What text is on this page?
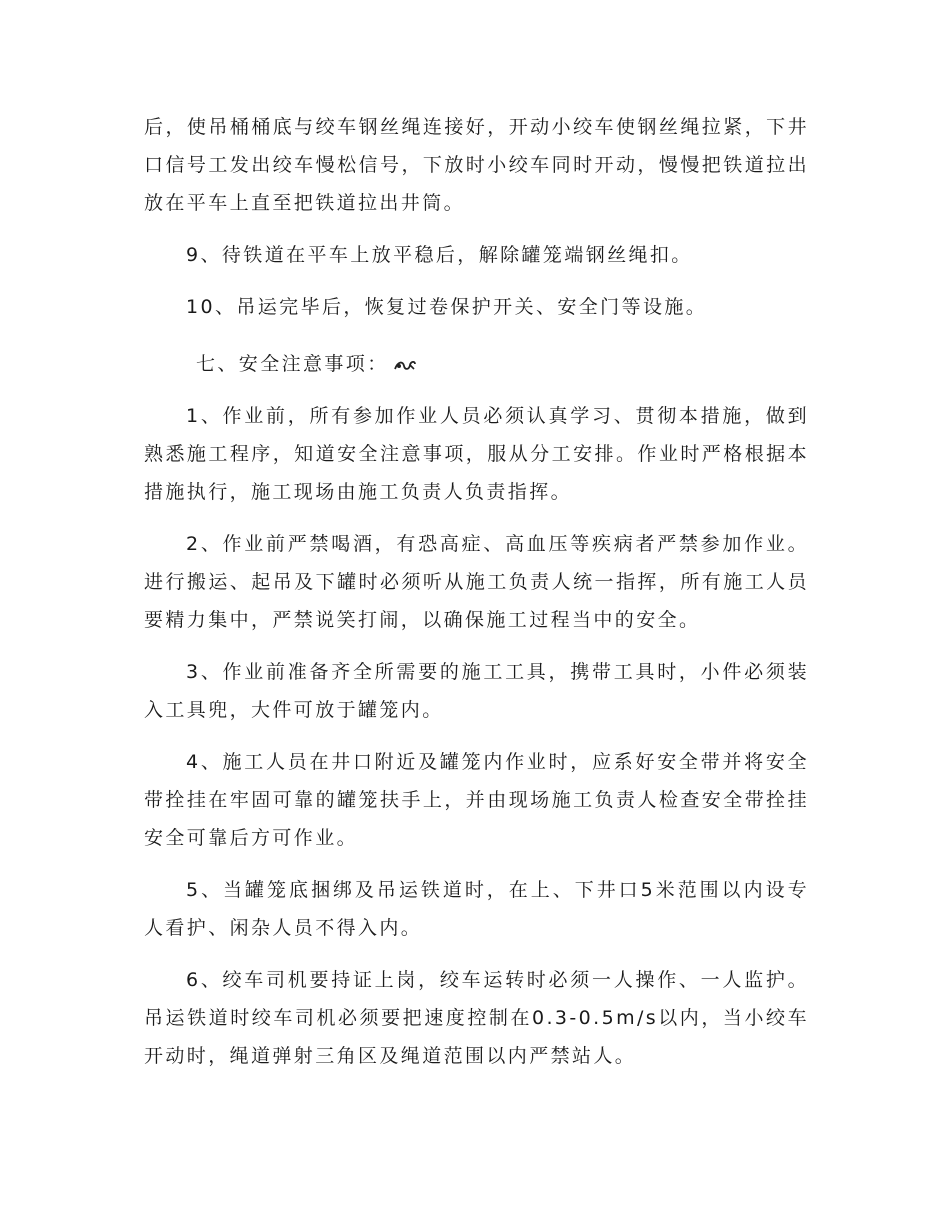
后，使吊桶桶底与绞车钢丝绳连接好，开动小绞车使钢丝绳拉紧，下井口信号工发出绞车慢松信号，下放时小绞车同时开动，慢慢把铁道拉出放在平车上直至把铁道拉出井筒。

9、待铁道在平车上放平稳后，解除罐笼端钢丝绳扣。

10、吊运完毕后，恢复过卷保护开关、安全门等设施。

七、安全注意事项：

1、作业前，所有参加作业人员必须认真学习、贯彻本措施，做到熟悉施工程序，知道安全注意事项，服从分工安排。作业时严格根据本措施执行，施工现场由施工负责人负责指挥。

2、作业前严禁喝酒，有恐高症、高血压等疾病者严禁参加作业。进行搬运、起吊及下罐时必须听从施工负责人统一指挥，所有施工人员要精力集中，严禁说笑打闹，以确保施工过程当中的安全。

3、作业前准备齐全所需要的施工工具，携带工具时，小件必须装入工具兜，大件可放于罐笼内。

4、施工人员在井口附近及罐笼内作业时，应系好安全带并将安全带拴挂在牢固可靠的罐笼扶手上，并由现场施工负责人检查安全带拴挂安全可靠后方可作业。

5、当罐笼底捆绑及吊运铁道时，在上、下井口5米范围以内设专人看护、闲杂人员不得入内。

6、绞车司机要持证上岗，绞车运转时必须一人操作、一人监护。吊运铁道时绞车司机必须要把速度控制在0.3-0.5m/s以内，当小绞车开动时，绳道弹射三角区及绳道范围以内严禁站人。
